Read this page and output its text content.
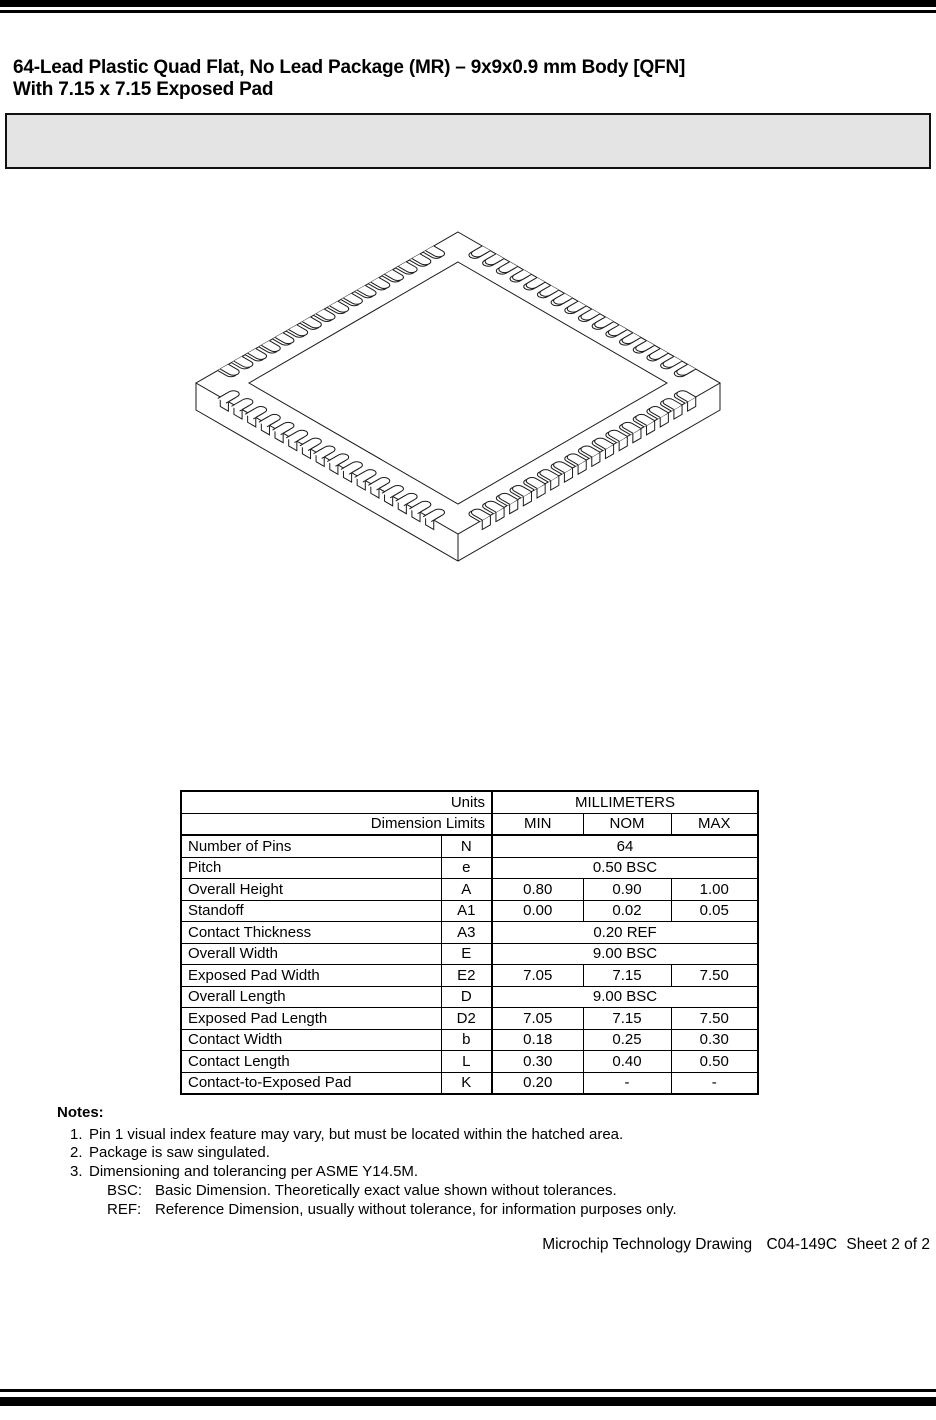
64-Lead Plastic Quad Flat, No Lead Package (MR) – 9x9x0.9 mm Body [QFN]
With 7.15 x 7.15 Exposed Pad
Units		MILLIMETERS		
Dimension Limits		MIN	NOM	MAX
Number of Pins	N	64		
Pitch	e	0.50 BSC		
Overall Height	A	0.80	0.90	1.00
Standoff	A1	0.00	0.02	0.05
Contact Thickness	A3	0.20 REF		
Overall Width	E	9.00 BSC		
Exposed Pad Width	E2	7.05	7.15	7.50
Overall Length	D	9.00 BSC		
Exposed Pad Length	D2	7.05	7.15	7.50
Contact Width	b	0.18	0.25	0.30
Contact Length	L	0.30	0.40	0.50
Contact-to-Exposed Pad	K	0.20	-	-
Notes:
1. Pin 1 visual index feature may vary, but must be located within the hatched area.
2. Package is saw singulated.
3. Dimensioning and tolerancing per ASME Y14.5M.
BSC: Basic Dimension. Theoretically exact value shown without tolerances.
REF: Reference Dimension, usually without tolerance, for information purposes only.
Microchip Technology Drawing C04-149C Sheet 2 of 2
